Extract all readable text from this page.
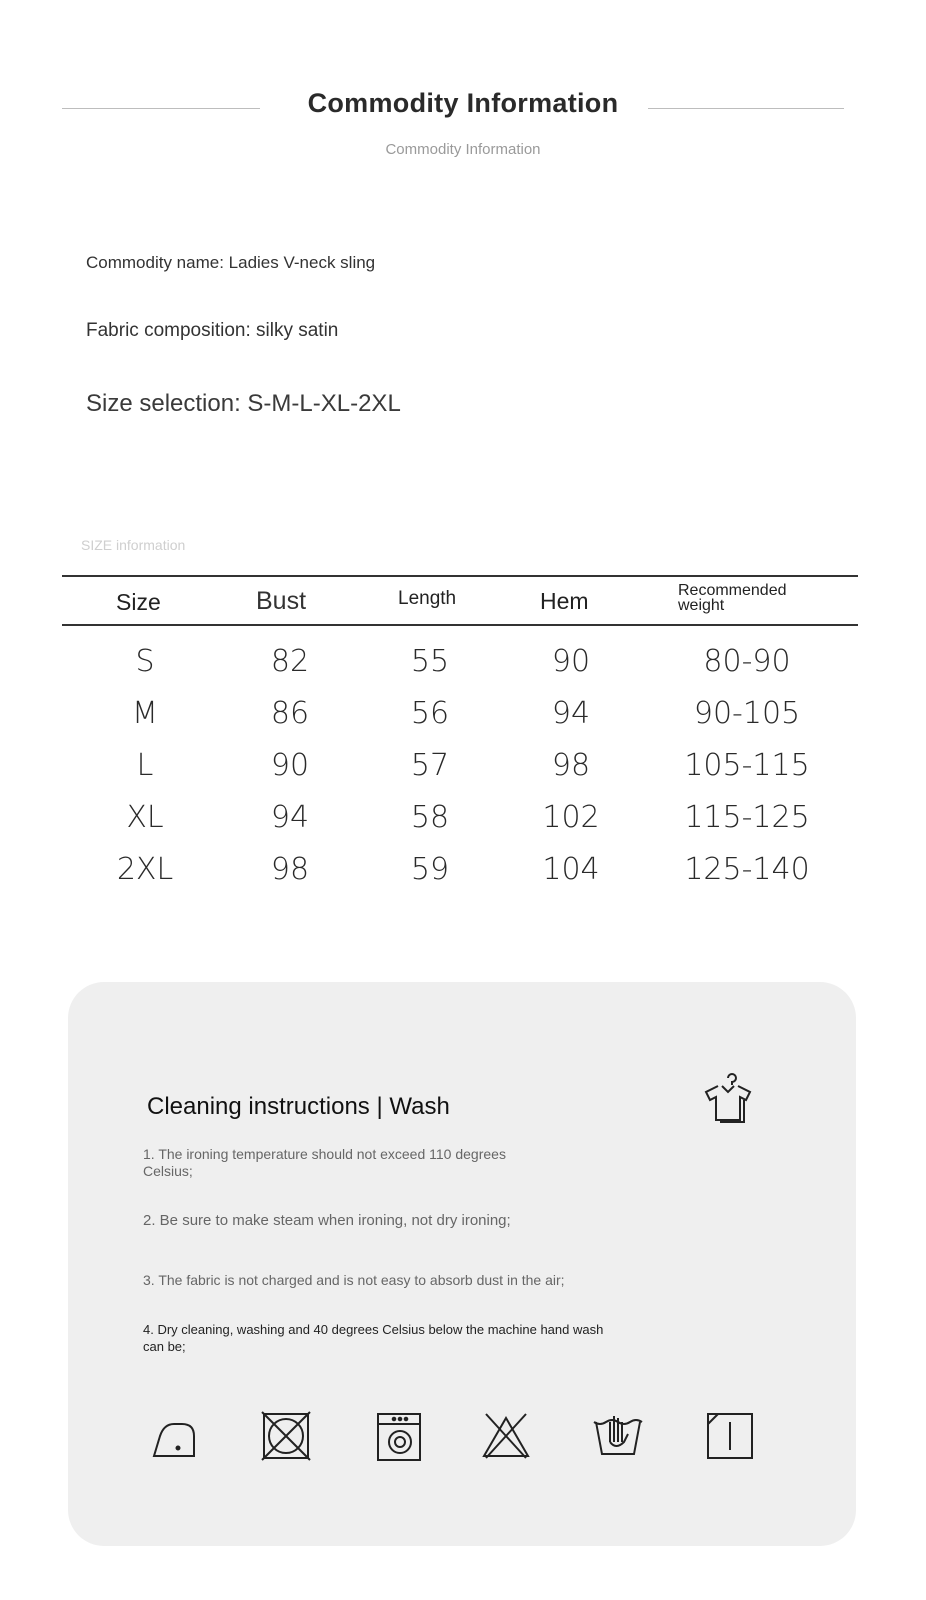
Commodity Information
Commodity Information
Commodity name: Ladies V-neck sling
Fabric composition: silky satin
Size selection: S-M-L-XL-2XL
SIZE information
Size	Bust	Length	Hem	Recommended weight
S	82	55	90	80-90
M	86	56	94	90-105
L	90	57	98	105-115
XL	94	58	102	115-125
2XL	98	59	104	125-140
Cleaning instructions | Wash
1. The ironing temperature should not exceed 110 degrees Celsius;
2. Be sure to make steam when ironing, not dry ironing;
3. The fabric is not charged and is not easy to absorb dust in the air;
4. Dry cleaning, washing and 40 degrees Celsius below the machine hand wash can be;
